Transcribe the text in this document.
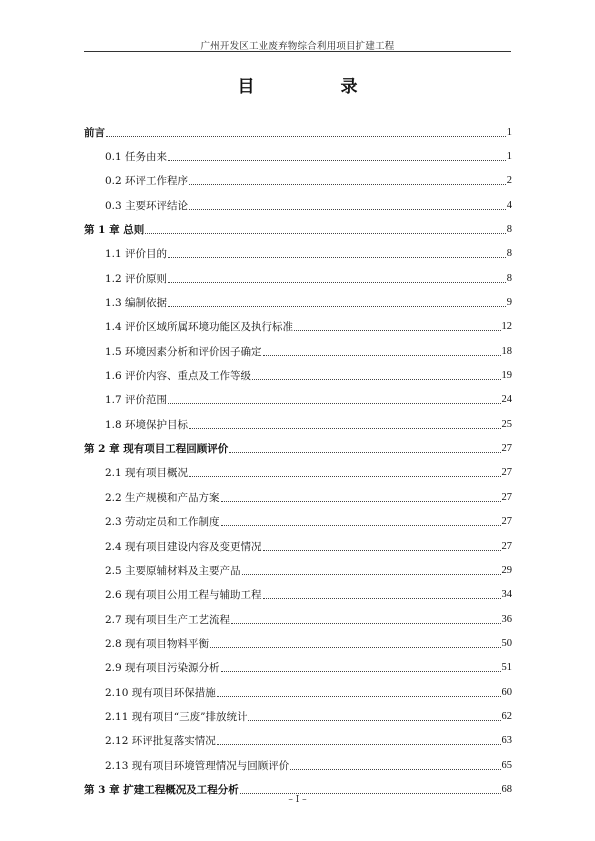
广州开发区工业废弃物综合利用项目扩建工程
目 录
前言	1
0.1 任务由来	1
0.2 环评工作程序	2
0.3 主要环评结论	4
第 1 章 总则	8
1.1 评价目的	8
1.2 评价原则	8
1.3 编制依据	9
1.4 评价区域所属环境功能区及执行标准	12
1.5 环境因素分析和评价因子确定	18
1.6 评价内容、重点及工作等级	19
1.7 评价范围	24
1.8 环境保护目标	25
第 2 章 现有项目工程回顾评价	27
2.1 现有项目概况	27
2.2 生产规模和产品方案	27
2.3 劳动定员和工作制度	27
2.4 现有项目建设内容及变更情况	27
2.5 主要原辅材料及主要产品	29
2.6 现有项目公用工程与辅助工程	34
2.7 现有项目生产工艺流程	36
2.8 现有项目物料平衡	50
2.9 现有项目污染源分析	51
2.10 现有项目环保措施	60
2.11 现有项目“三废”排放统计	62
2.12 环评批复落实情况	63
2.13 现有项目环境管理情况与回顾评价	65
第 3 章 扩建工程概况及工程分析	68
– I –
